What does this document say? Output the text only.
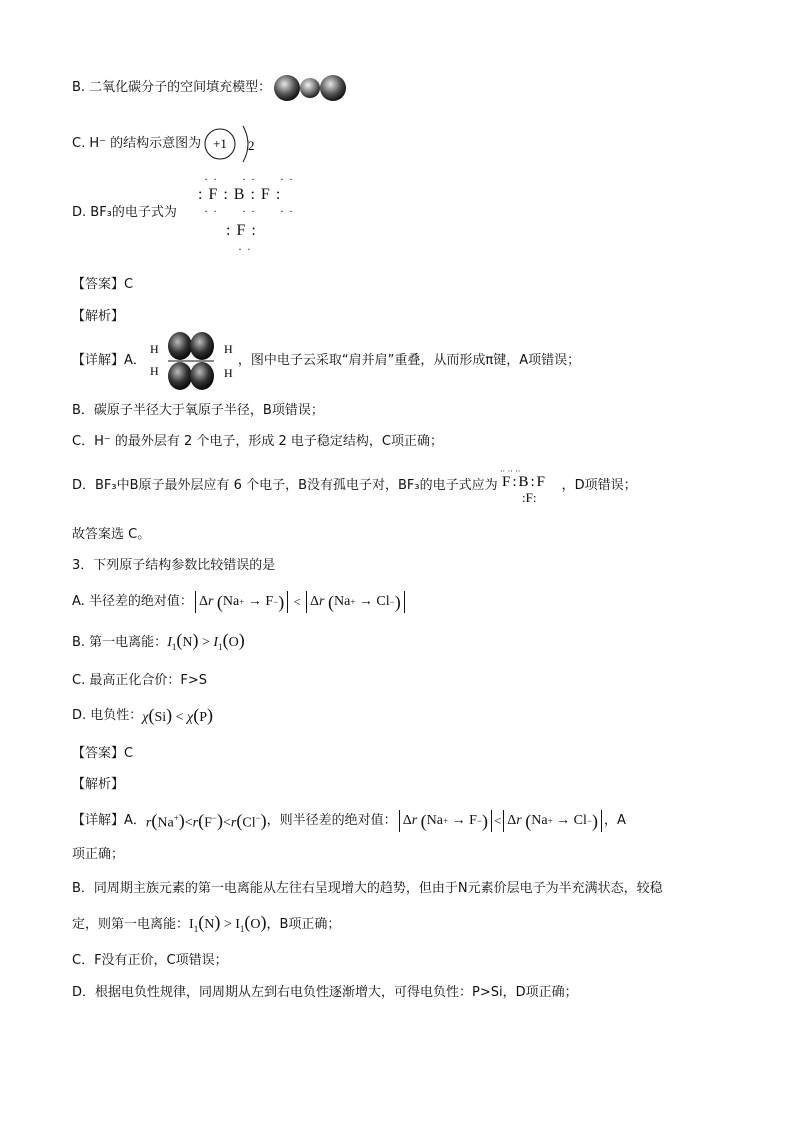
B. 二氧化碳分子的空间填充模型：
C. H⁻ 的结构示意图为 +1 2
D. BF₃的电子式为
· ·      · ·      · ·
: F : B : F :
· ·      · ·      · ·
: F :
· ·
【答案】C
【解析】
【详解】A．
H
H
H
H
，图中电子云采取“肩并肩”重叠，从而形成π键，A项错误；
B．碳原子半径大于氧原子半径，B项错误；
C．H⁻ 的最外层有 2 个电子，形成 2 电子稳定结构，C项正确；
D．BF₃中B原子最外层应有 6 个电子，B没有孤电子对，BF₃的电子式应为 F:B:F
:F:
·· ·· ··
，D项错误；
故答案选 C。
3．下列原子结构参数比较错误的是
A. 半径差的绝对值： Δ r
( Na + → F − ) < Δ r
( Na + → Cl − )
B. 第一电离能： $I_1(N) > I_1(O)$
C. 最高正化合价：F>S
D. 电负性： χ(Si) < χ(P)
【答案】C
【解析】
【详解】A． r(Na+)<r(F−)<r(Cl−) ，则半径差的绝对值： Δ r
( Na + → F − ) < Δ r
( Na + → Cl − ) ，A
项正确；
B．同周期主族元素的第一电离能从左往右呈现增大的趋势，但由于N元素价层电子为半充满状态，较稳
定，则第一电离能： $I_1(N) > I_1(O)$ ，B项正确；
C．F没有正价，C项错误；
D．根据电负性规律，同周期从左到右电负性逐渐增大，可得电负性：P>Si，D项正确；
